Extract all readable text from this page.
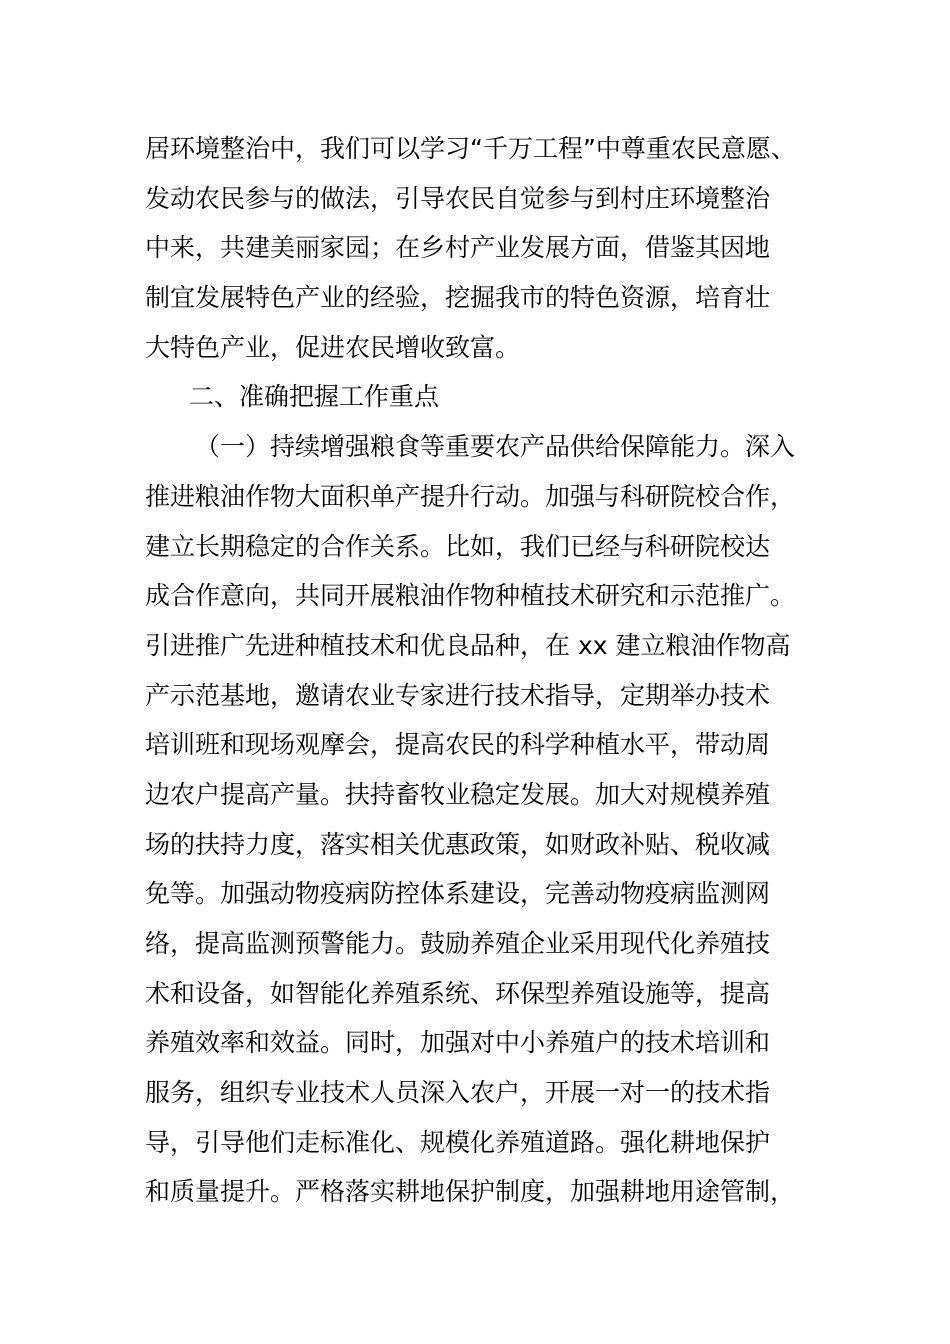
居环境整治中，我们可以学习“千万工程”中尊重农民意愿、
发动农民参与的做法，引导农民自觉参与到村庄环境整治
中来，共建美丽家园；在乡村产业发展方面，借鉴其因地
制宜发展特色产业的经验，挖掘我市的特色资源，培育壮
大特色产业，促进农民增收致富。
二、准确把握工作重点
（一）持续增强粮食等重要农产品供给保障能力。深入
推进粮油作物大面积单产提升行动。加强与科研院校合作，
建立长期稳定的合作关系。比如，我们已经与科研院校达
成合作意向，共同开展粮油作物种植技术研究和示范推广。
引进推广先进种植技术和优良品种，在 xx 建立粮油作物高
产示范基地，邀请农业专家进行技术指导，定期举办技术
培训班和现场观摩会，提高农民的科学种植水平，带动周
边农户提高产量。扶持畜牧业稳定发展。加大对规模养殖
场的扶持力度，落实相关优惠政策，如财政补贴、税收减
免等。加强动物疫病防控体系建设，完善动物疫病监测网
络，提高监测预警能力。鼓励养殖企业采用现代化养殖技
术和设备，如智能化养殖系统、环保型养殖设施等，提高
养殖效率和效益。同时，加强对中小养殖户的技术培训和
服务，组织专业技术人员深入农户，开展一对一的技术指
导，引导他们走标准化、规模化养殖道路。强化耕地保护
和质量提升。严格落实耕地保护制度，加强耕地用途管制，
